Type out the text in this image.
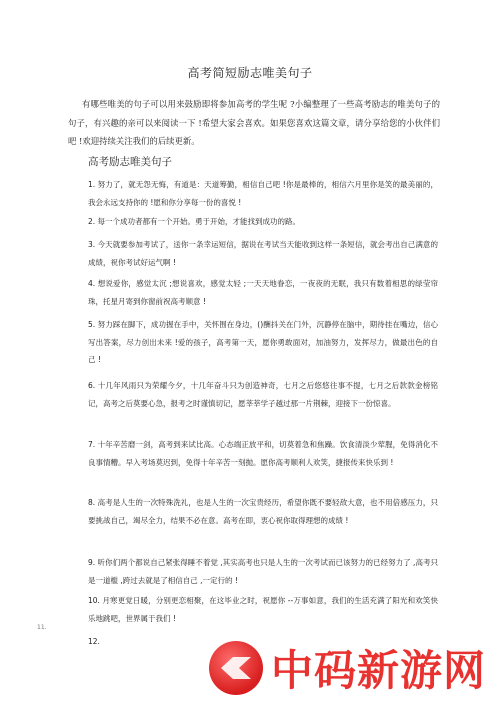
高考简短励志唯美句子

有哪些唯美的句子可以用来鼓励即将参加高考的学生呢 ?小编整理了一些高考励志的唯美句子的句子，有兴趣的亲可以来阅读一下 !希望大家会喜欢。如果您喜欢这篇文章，请分享给您的小伙伴们吧 !欢迎持续关注我们的后续更新。

高考励志唯美句子

1. 努力了，就无怨无悔，有道是：天道筹勤，相信自己吧 !你是最棒的，相信六月里你是笑的最美丽的，我会永远支持你的 !愿和你分享每一份的喜悦 !

2. 每一个成功者都有一个开始。勇于开始，才能找到成功的路。

3. 今天就要参加考试了，送你一条幸运短信，据说在考试当天能收到这样一条短信，就会考出自己满意的成绩，祝你考试好运气啊 !

4. 想说爱你，感觉太沉 ;想说喜欢，感觉太轻 ;一天天地眷恋，一夜夜的无眠，我只有数着相思的绿莹帘珠，托星月寄到你窗前祝高考顺意 !

5. 努力踩在脚下，成功握在手中，关怀围在身边，()酬抖关在门外，沉静停在脑中，期待挂在嘴边，信心写出答案，尽力创出未来 !爱的孩子，高考第一天，愿你勇敢面对，加油努力，发挥尽力，做最出色的自己 !

6. 十几年风雨只为荣耀今夕，十几年奋斗只为创造神奇，七月之后悠悠往事不提，七月之后款款金榜铭记，高考之后莫要心急，报考之时谨慎切记，愿莘莘学子越过那一片荆棘，迎接下一份惊喜。

7. 十年辛苦磨一剑，高考到来试比高。心态端正放平和，切莫着急和焦躁。饮食清淡少荤腥，免得消化不良事情糟。早入考场莫迟到，免得十年辛苦一刻抛。愿你高考顺利人欢笑，捷报传来快乐到 !

8. 高考是人生的一次特殊洗礼，也是人生的一次宝贵经历，希望你既不要轻敌大意，也不用倍感压力，只要挑战自己，竭尽全力，结果不必在意。高考在即，衷心祝你取得理想的成绩 !

9. 听你们两个都说自己紧张得睡不着觉 ,其实高考也只是人生的一次考试而已该努力的已经努力了 ,高考只是一道槛 ,跨过去就是了相信自己 ,一定行的 !

10. 月寒更觉日暖，分别更恋相聚，在这毕业之时，祝愿你 --万事如意，我们的生活充满了阳光和欢笑快乐地跳吧，世界属于我们 !

12.

11.
中码新游网
